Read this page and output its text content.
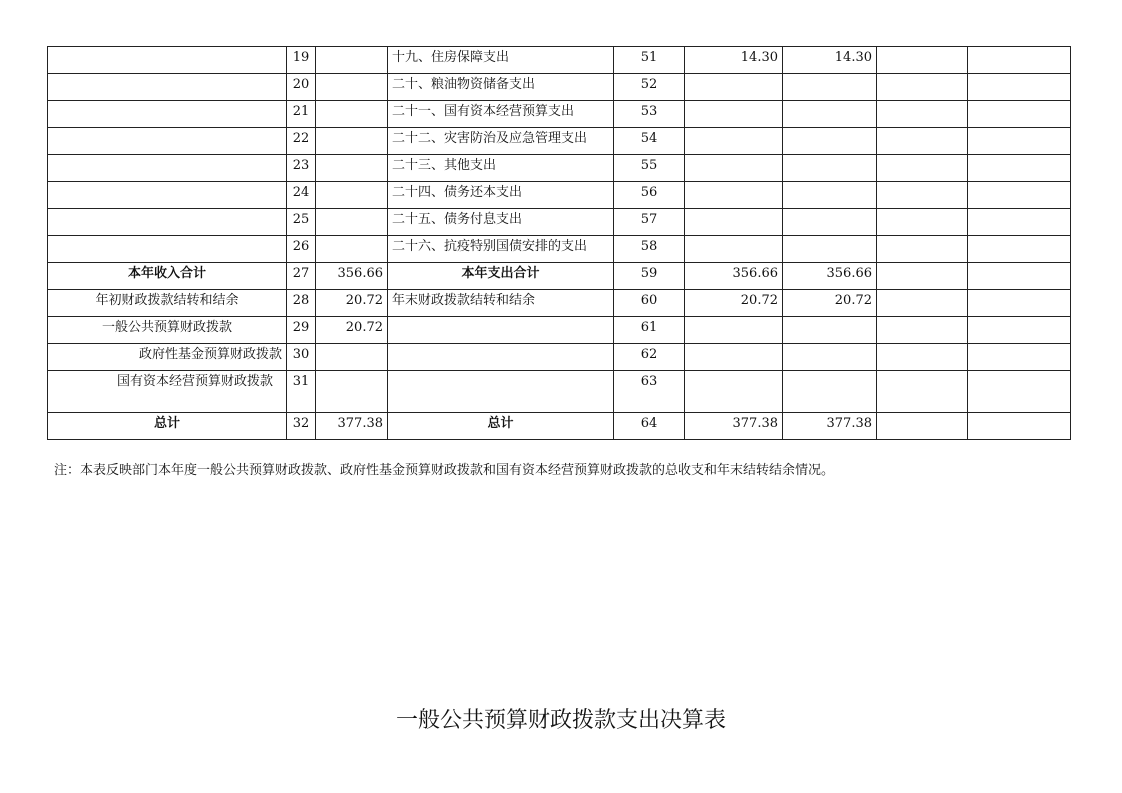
	19		十九、住房保障支出	51	14.30	14.30		
	20		二十、粮油物资储备支出	52				
	21		二十一、国有资本经营预算支出	53				
	22		二十二、灾害防治及应急管理支出	54				
	23		二十三、其他支出	55				
	24		二十四、债务还本支出	56				
	25		二十五、债务付息支出	57				
	26		二十六、抗疫特别国债安排的支出	58				
本年收入合计	27	356.66	本年支出合计	59	356.66	356.66		
年初财政拨款结转和结余	28	20.72	年末财政拨款结转和结余	60	20.72	20.72		
一般公共预算财政拨款	29	20.72		61				
政府性基金预算财政拨款	30			62				
国有资本经营预算财政拨款	31			63				
总计	32	377.38	总计	64	377.38	377.38		
注：本表反映部门本年度一般公共预算财政拨款、政府性基金预算财政拨款和国有资本经营预算财政拨款的总收支和年末结转结余情况。
一般公共预算财政拨款支出决算表
